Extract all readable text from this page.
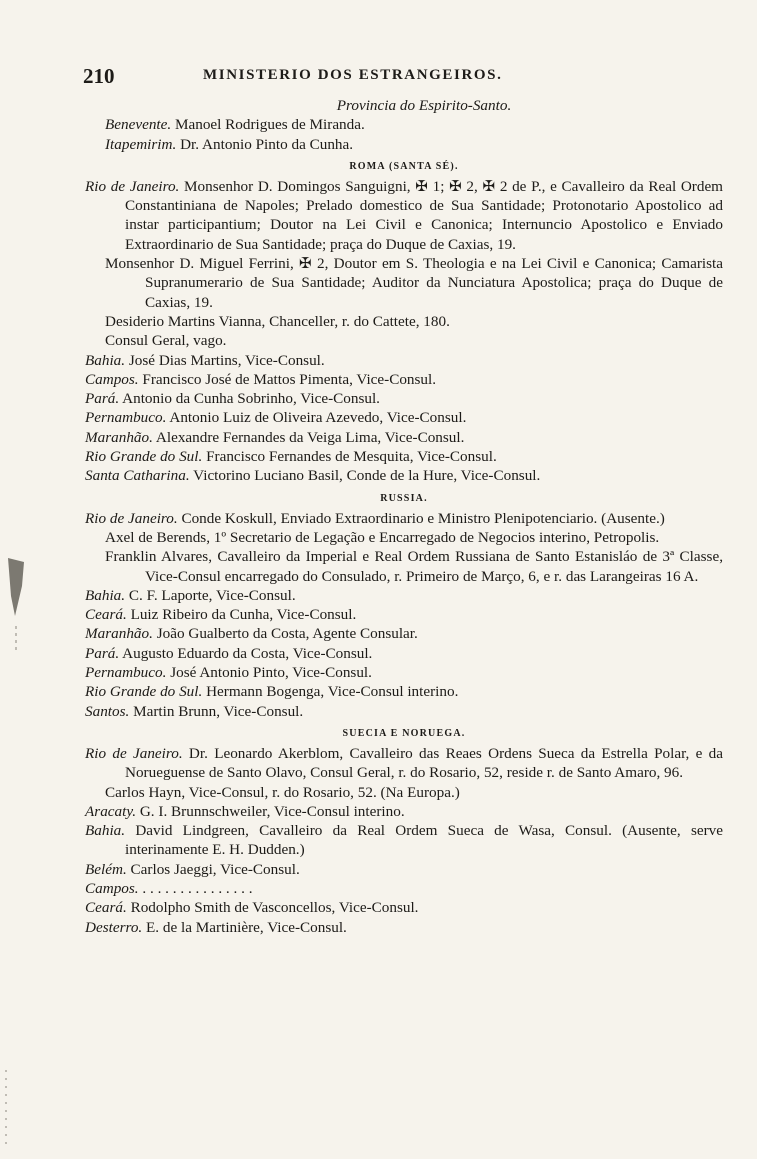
210	MINISTERIO DOS ESTRANGEIROS.
Provincia do Espirito-Santo.
Benevente. Manoel Rodrigues de Miranda.
Itapemirim. Dr. Antonio Pinto da Cunha.
ROMA (SANTA SÉ).
Rio de Janeiro. Monsenhor D. Domingos Sanguigni, ✠ 1; ✠ 2, ✠ 2 de P., e Cavalleiro da Real Ordem Constantiniana de Napoles; Prelado domestico de Sua Santidade; Protonotario Apostolico ad instar participantium; Doutor na Lei Civil e Canonica; Internuncio Apostolico e Enviado Extraordinario de Sua Santidade; praça do Duque de Caxias, 19.
Monsenhor D. Miguel Ferrini, ✠ 2, Doutor em S. Theologia e na Lei Civil e Canonica; Camarista Supranumerario de Sua Santidade; Auditor da Nunciatura Apostolica; praça do Duque de Caxias, 19.
Desiderio Martins Vianna, Chanceller, r. do Cattete, 180.
Consul Geral, vago.
Bahia. José Dias Martins, Vice-Consul.
Campos. Francisco José de Mattos Pimenta, Vice-Consul.
Pará. Antonio da Cunha Sobrinho, Vice-Consul.
Pernambuco. Antonio Luiz de Oliveira Azevedo, Vice-Consul.
Maranhão. Alexandre Fernandes da Veiga Lima, Vice-Consul.
Rio Grande do Sul. Francisco Fernandes de Mesquita, Vice-Consul.
Santa Catharina. Victorino Luciano Basil, Conde de la Hure, Vice-Consul.
RUSSIA.
Rio de Janeiro. Conde Koskull, Enviado Extraordinario e Ministro Plenipotenciario. (Ausente.)
Axel de Berends, 1º Secretario de Legação e Encarregado de Negocios interino, Petropolis.
Franklin Alvares, Cavalleiro da Imperial e Real Ordem Russiana de Santo Estanisláo de 3ª Classe, Vice-Consul encarregado do Consulado, r. Primeiro de Março, 6, e r. das Larangeiras 16 A.
Bahia. C. F. Laporte, Vice-Consul.
Ceará. Luiz Ribeiro da Cunha, Vice-Consul.
Maranhão. João Gualberto da Costa, Agente Consular.
Pará. Augusto Eduardo da Costa, Vice-Consul.
Pernambuco. José Antonio Pinto, Vice-Consul.
Rio Grande do Sul. Hermann Bogenga, Vice-Consul interino.
Santos. Martin Brunn, Vice-Consul.
SUECIA E NORUEGA.
Rio de Janeiro. Dr. Leonardo Akerblom, Cavalleiro das Reaes Ordens Sueca da Estrella Polar, e da Norueguense de Santo Olavo, Consul Geral, r. do Rosario, 52, reside r. de Santo Amaro, 96.
Carlos Hayn, Vice-Consul, r. do Rosario, 52. (Na Europa.)
Aracaty. G. I. Brunnschweiler, Vice-Consul interino.
Bahia. David Lindgreen, Cavalleiro da Real Ordem Sueca de Wasa, Consul. (Ausente, serve interinamente E. H. Dudden.)
Belém. Carlos Jaeggi, Vice-Consul.
Campos. . . . . . . . . . . . . . . .
Ceará. Rodolpho Smith de Vasconcellos, Vice-Consul.
Desterro. E. de la Martinière, Vice-Consul.
